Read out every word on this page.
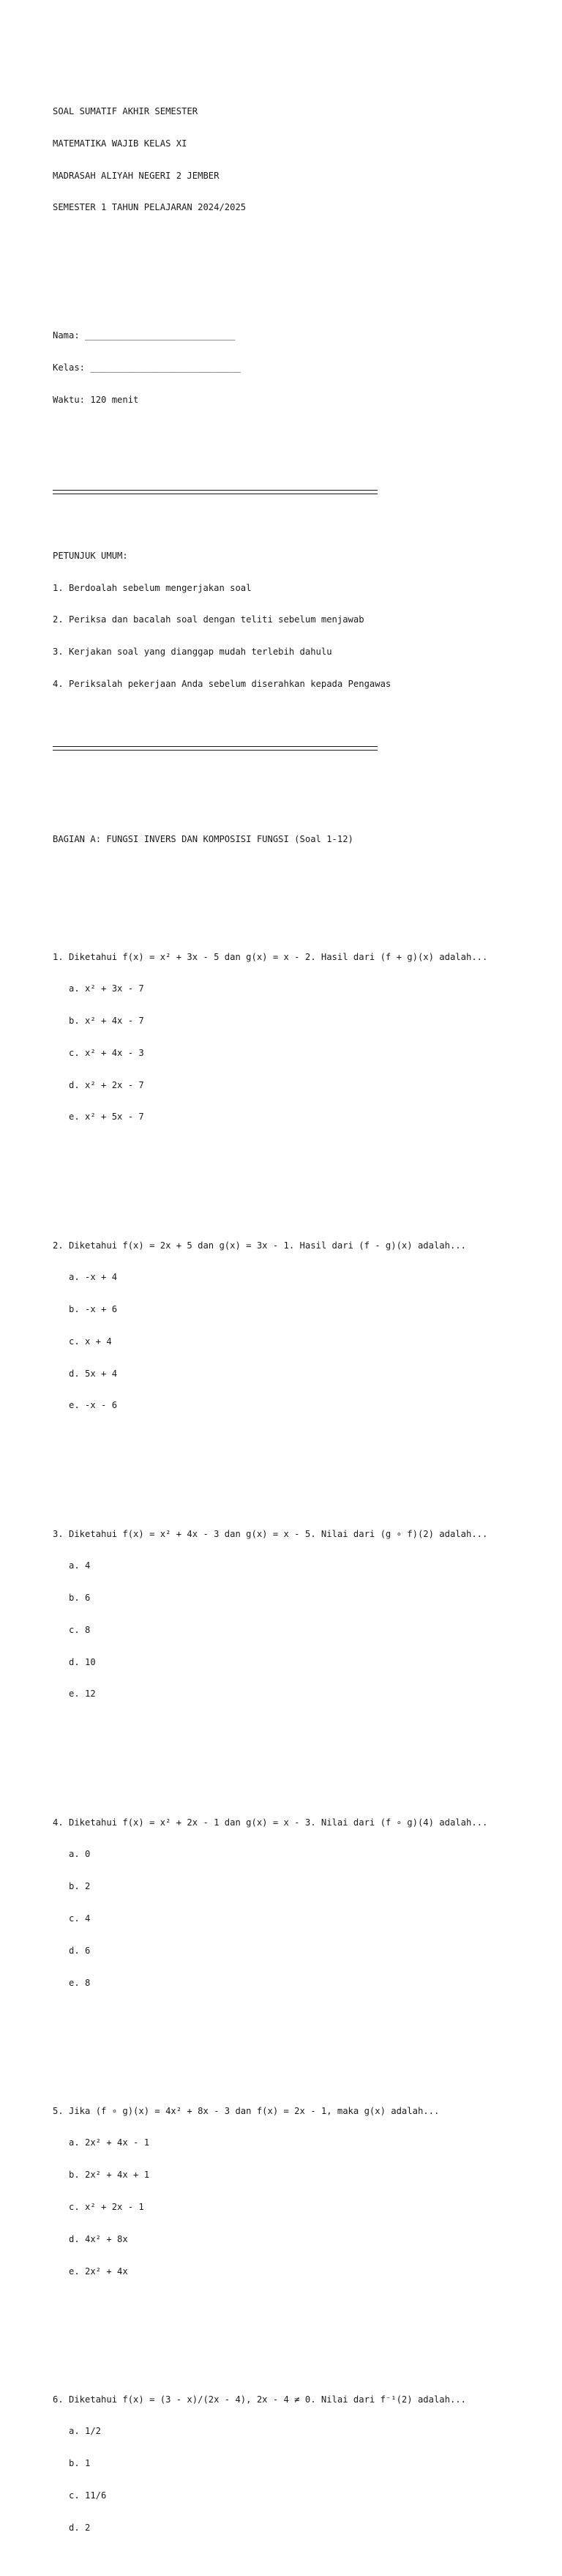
SOAL SUMATIF AKHIR SEMESTER

MATEMATIKA WAJIB KELAS XI

MADRASAH ALIYAH NEGERI 2 JEMBER

SEMESTER 1 TAHUN PELAJARAN 2024/2025

Nama: ____________________________

Kelas: ____________________________

Waktu: 120 menit

PETUNJUK UMUM:

1. Berdoalah sebelum mengerjakan soal

2. Periksa dan bacalah soal dengan teliti sebelum menjawab

3. Kerjakan soal yang dianggap mudah terlebih dahulu

4. Periksalah pekerjaan Anda sebelum diserahkan kepada Pengawas

BAGIAN A: FUNGSI INVERS DAN KOMPOSISI FUNGSI (Soal 1-12)

1. Diketahui f(x) = x² + 3x - 5 dan g(x) = x - 2. Hasil dari (f + g)(x) adalah...

a. x² + 3x - 7

b. x² + 4x - 7

c. x² + 4x - 3

d. x² + 2x - 7

e. x² + 5x - 7

2. Diketahui f(x) = 2x + 5 dan g(x) = 3x - 1. Hasil dari (f - g)(x) adalah...

a. -x + 4

b. -x + 6

c. x + 4

d. 5x + 4

e. -x - 6

3. Diketahui f(x) = x² + 4x - 3 dan g(x) = x - 5. Nilai dari (g ∘ f)(2) adalah...

a. 4

b. 6

c. 8

d. 10

e. 12

4. Diketahui f(x) = x² + 2x - 1 dan g(x) = x - 3. Nilai dari (f ∘ g)(4) adalah...

a. 0

b. 2

c. 4

d. 6

e. 8

5. Jika (f ∘ g)(x) = 4x² + 8x - 3 dan f(x) = 2x - 1, maka g(x) adalah...

a. 2x² + 4x - 1

b. 2x² + 4x + 1

c. x² + 2x - 1

d. 4x² + 8x

e. 2x² + 4x

6. Diketahui f(x) = (3 - x)/(2x - 4), 2x - 4 ≠ 0. Nilai dari f⁻¹(2) adalah...

a. 1/2

b. 1

c. 11/6

d. 2
